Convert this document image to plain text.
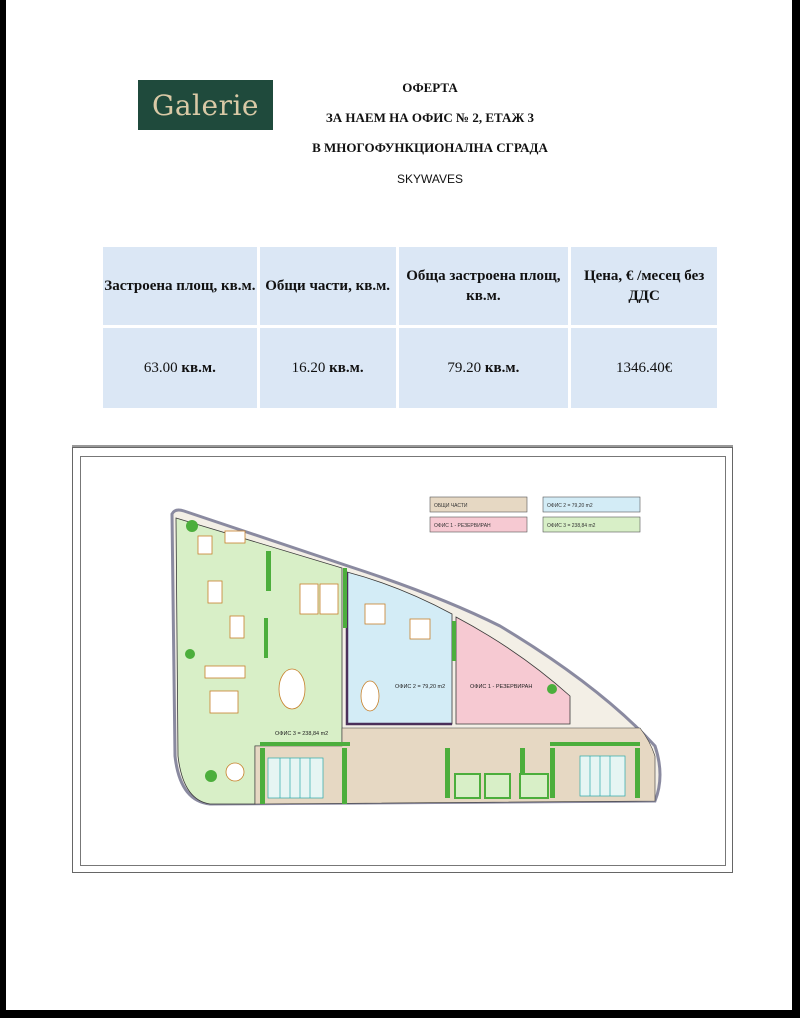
Galerie
ОФЕРТА
ЗА НАЕМ НА ОФИС № 2, ЕТАЖ 3
В МНОГОФУНКЦИОНАЛНА СГРАДА
SKYWAVES
Застроена площ, кв.м.	Общи части, кв.м.	Обща застроена площ, кв.м.	Цена, € /месец без ДДС
63.00 кв.м.	16.20 кв.м.	79.20 кв.м.	1346.40€
ОБЩИ ЧАСТИ
ОФИС 1 - РЕЗЕРВИРАН
ОФИС 2 = 79,20 m2
ОФИС 3 = 238,84 m2
ОФИС 3 = 238,84 m2
ОФИС 2 = 79,20 m2	ОФИС 1 - РЕЗЕРВИРАН
